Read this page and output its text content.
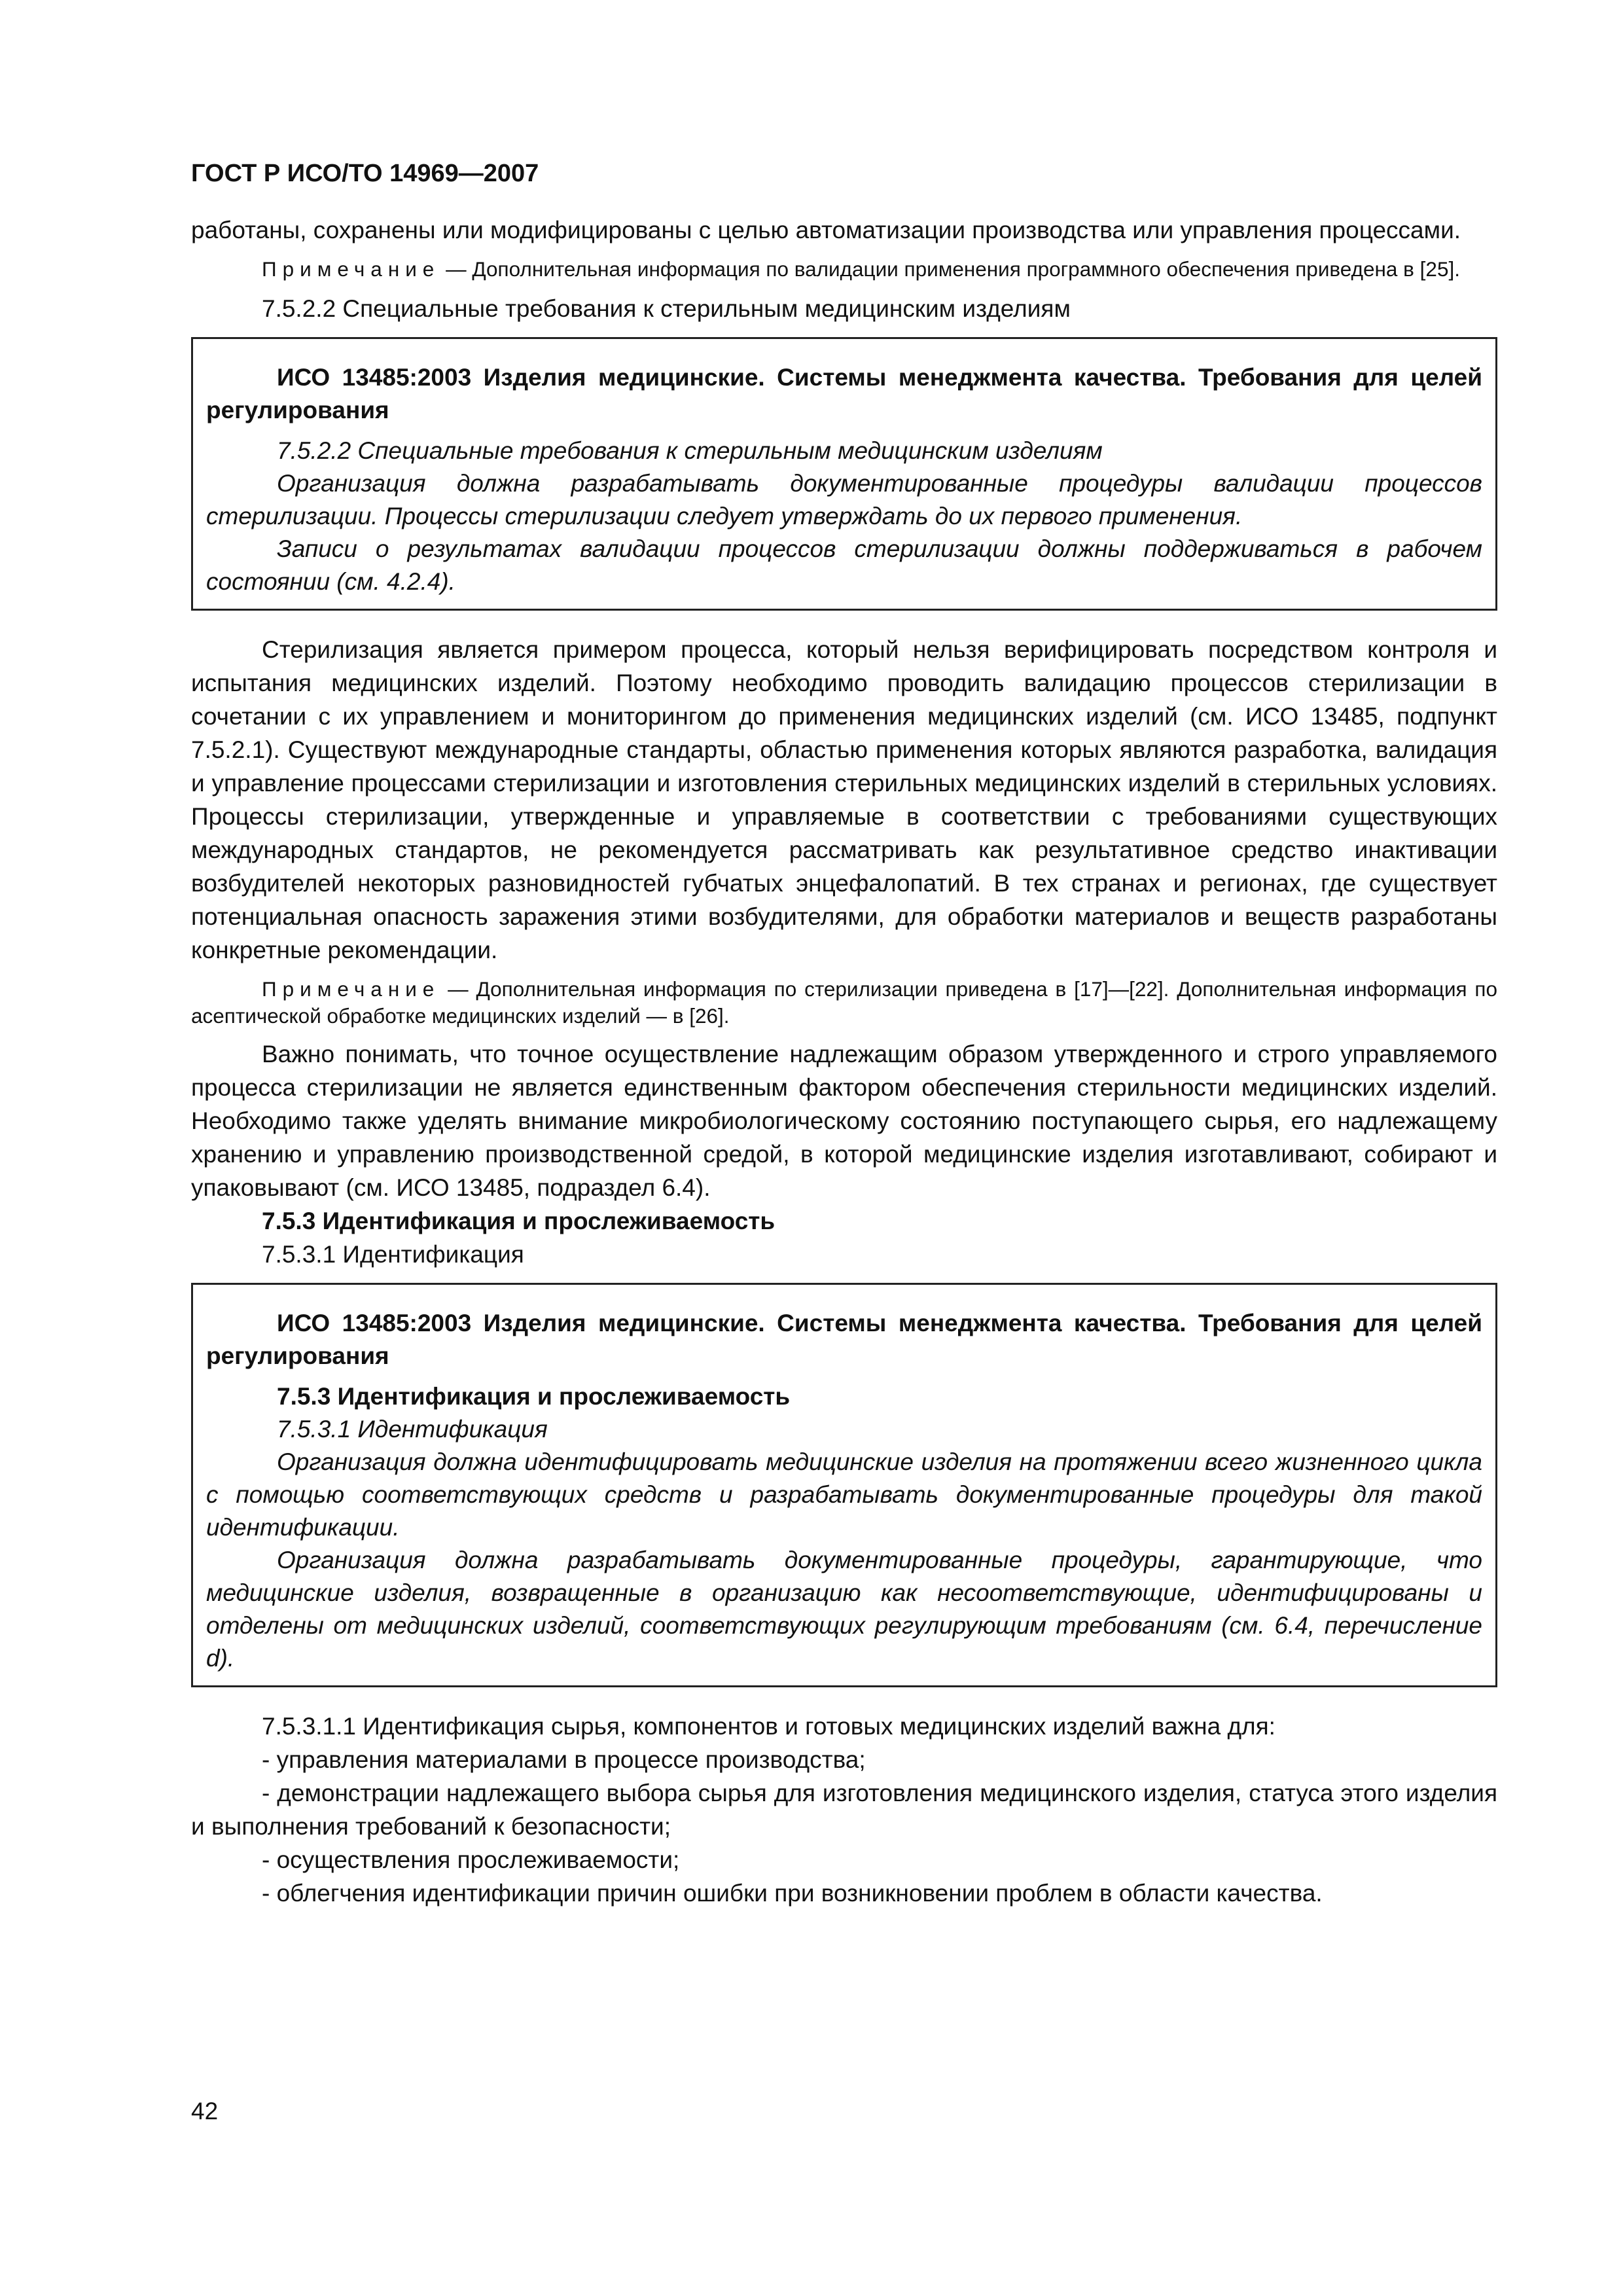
ГОСТ Р ИСО/ТО 14969—2007

работаны, сохранены или модифицированы с целью автоматизации производства или управления процессами.

Примечание — Дополнительная информация по валидации применения программного обеспечения приведена в [25].

7.5.2.2 Специальные требования к стерильным медицинским изделиям

ИСО 13485:2003 Изделия медицинские. Системы менеджмента качества. Требования для целей регулирования

7.5.2.2 Специальные требования к стерильным медицинским изделиям

Организация должна разрабатывать документированные процедуры валидации процессов стерилизации. Процессы стерилизации следует утверждать до их первого применения.

Записи о результатах валидации процессов стерилизации должны поддерживаться в рабочем состоянии (см. 4.2.4).

Стерилизация является примером процесса, который нельзя верифицировать посредством контроля и испытания медицинских изделий. Поэтому необходимо проводить валидацию процессов стерилизации в сочетании с их управлением и мониторингом до применения медицинских изделий (см. ИСО 13485, подпункт 7.5.2.1). Существуют международные стандарты, областью применения которых являются разработка, валидация и управление процессами стерилизации и изготовления стерильных медицинских изделий в стерильных условиях. Процессы стерилизации, утвержденные и управляемые в соответствии с требованиями существующих международных стандартов, не рекомендуется рассматривать как результативное средство инактивации возбудителей некоторых разновидностей губчатых энцефалопатий. В тех странах и регионах, где существует потенциальная опасность заражения этими возбудителями, для обработки материалов и веществ разработаны конкретные рекомендации.

Примечание — Дополнительная информация по стерилизации приведена в [17]—[22]. Дополнительная информация по асептической обработке медицинских изделий — в [26].

Важно понимать, что точное осуществление надлежащим образом утвержденного и строго управляемого процесса стерилизации не является единственным фактором обеспечения стерильности медицинских изделий. Необходимо также уделять внимание микробиологическому состоянию поступающего сырья, его надлежащему хранению и управлению производственной средой, в которой медицинские изделия изготавливают, собирают и упаковывают (см. ИСО 13485, подраздел 6.4).

7.5.3 Идентификация и прослеживаемость

7.5.3.1 Идентификация

ИСО 13485:2003 Изделия медицинские. Системы менеджмента качества. Требования для целей регулирования

7.5.3 Идентификация и прослеживаемость

7.5.3.1 Идентификация

Организация должна идентифицировать медицинские изделия на протяжении всего жизненного цикла с помощью соответствующих средств и разрабатывать документированные процедуры для такой идентификации.

Организация должна разрабатывать документированные процедуры, гарантирующие, что медицинские изделия, возвращенные в организацию как несоответствующие, идентифицированы и отделены от медицинских изделий, соответствующих регулирующим требованиям (см. 6.4, перечисление d).

7.5.3.1.1 Идентификация сырья, компонентов и готовых медицинских изделий важна для:

- управления материалами в процессе производства;

- демонстрации надлежащего выбора сырья для изготовления медицинского изделия, статуса этого изделия и выполнения требований к безопасности;

- осуществления прослеживаемости;

- облегчения идентификации причин ошибки при возникновении проблем в области качества.

42
